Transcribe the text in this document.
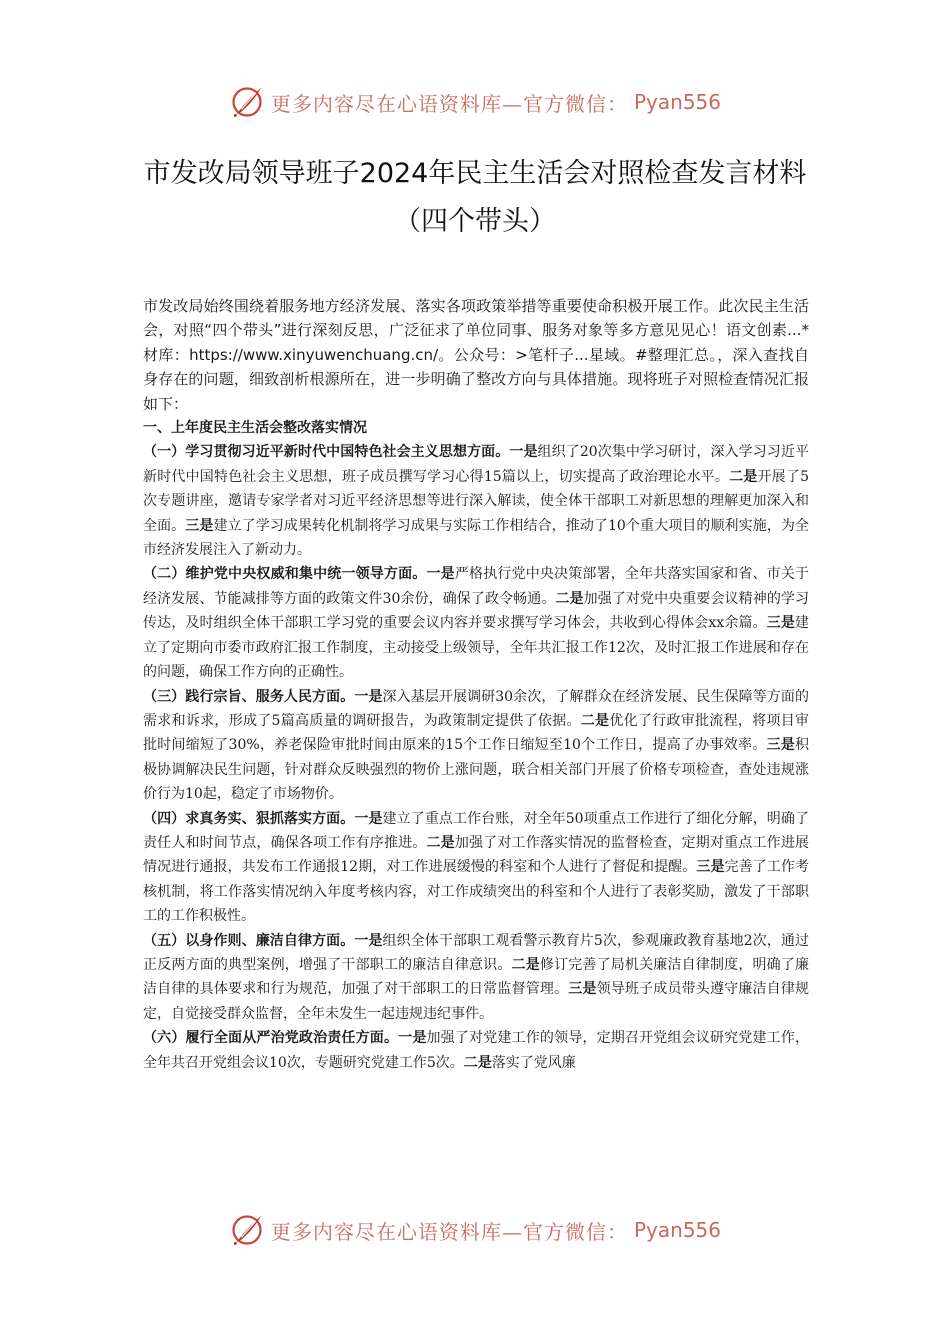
更多内容尽在心语资料库—官方微信： Pyan556
市发改局领导班子2024年民主生活会对照检查发言材料（四个带头）

市发改局始终围绕着服务地方经济发展、落实各项政策举措等重要使命积极开展工作。此次民主生活会，对照“四个带头”进行深刻反思，广泛征求了单位同事、服务对象等多方意见见心！语文创素...*材库：https://www.xinyuwenchuang.cn/。公众号：>笔杆子...星域。#整理汇总。，深入查找自身存在的问题，细致剖析根源所在，进一步明确了整改方向与具体措施。现将班子对照检查情况汇报如下：

一、上年度民主生活会整改落实情况

（一）学习贯彻习近平新时代中国特色社会主义思想方面。一是组织了20次集中学习研讨，深入学习习近平新时代中国特色社会主义思想，班子成员撰写学习心得15篇以上，切实提高了政治理论水平。二是开展了5次专题讲座，邀请专家学者对习近平经济思想等进行深入解读，使全体干部职工对新思想的理解更加深入和全面。三是建立了学习成果转化机制将学习成果与实际工作相结合，推动了10个重大项目的顺利实施，为全市经济发展注入了新动力。

（二）维护党中央权威和集中统一领导方面。一是严格执行党中央决策部署，全年共落实国家和省、市关于经济发展、节能减排等方面的政策文件30余份，确保了政令畅通。二是加强了对党中央重要会议精神的学习传达，及时组织全体干部职工学习党的重要会议内容并要求撰写学习体会，共收到心得体会xx余篇。三是建立了定期向市委市政府汇报工作制度，主动接受上级领导，全年共汇报工作12次，及时汇报工作进展和存在的问题，确保工作方向的正确性。

（三）践行宗旨、服务人民方面。一是深入基层开展调研30余次，了解群众在经济发展、民生保障等方面的需求和诉求，形成了5篇高质量的调研报告，为政策制定提供了依据。二是优化了行政审批流程，将项目审批时间缩短了30%，养老保险审批时间由原来的15个工作日缩短至10个工作日，提高了办事效率。三是积极协调解决民生问题，针对群众反映强烈的物价上涨问题，联合相关部门开展了价格专项检查，查处违规涨价行为10起，稳定了市场物价。

（四）求真务实、狠抓落实方面。一是建立了重点工作台账，对全年50项重点工作进行了细化分解，明确了责任人和时间节点，确保各项工作有序推进。二是加强了对工作落实情况的监督检查，定期对重点工作进展情况进行通报，共发布工作通报12期，对工作进展缓慢的科室和个人进行了督促和提醒。三是完善了工作考核机制，将工作落实情况纳入年度考核内容，对工作成绩突出的科室和个人进行了表彰奖励，激发了干部职工的工作积极性。

（五）以身作则、廉洁自律方面。一是组织全体干部职工观看警示教育片5次，参观廉政教育基地2次，通过正反两方面的典型案例，增强了干部职工的廉洁自律意识。二是修订完善了局机关廉洁自律制度，明确了廉洁自律的具体要求和行为规范，加强了对干部职工的日常监督管理。三是领导班子成员带头遵守廉洁自律规定，自觉接受群众监督，全年未发生一起违规违纪事件。

（六）履行全面从严治党政治责任方面。一是加强了对党建工作的领导，定期召开党组会议研究党建工作，全年共召开党组会议10次，专题研究党建工作5次。二是落实了党风廉

更多内容尽在心语资料库—官方微信： Pyan556
